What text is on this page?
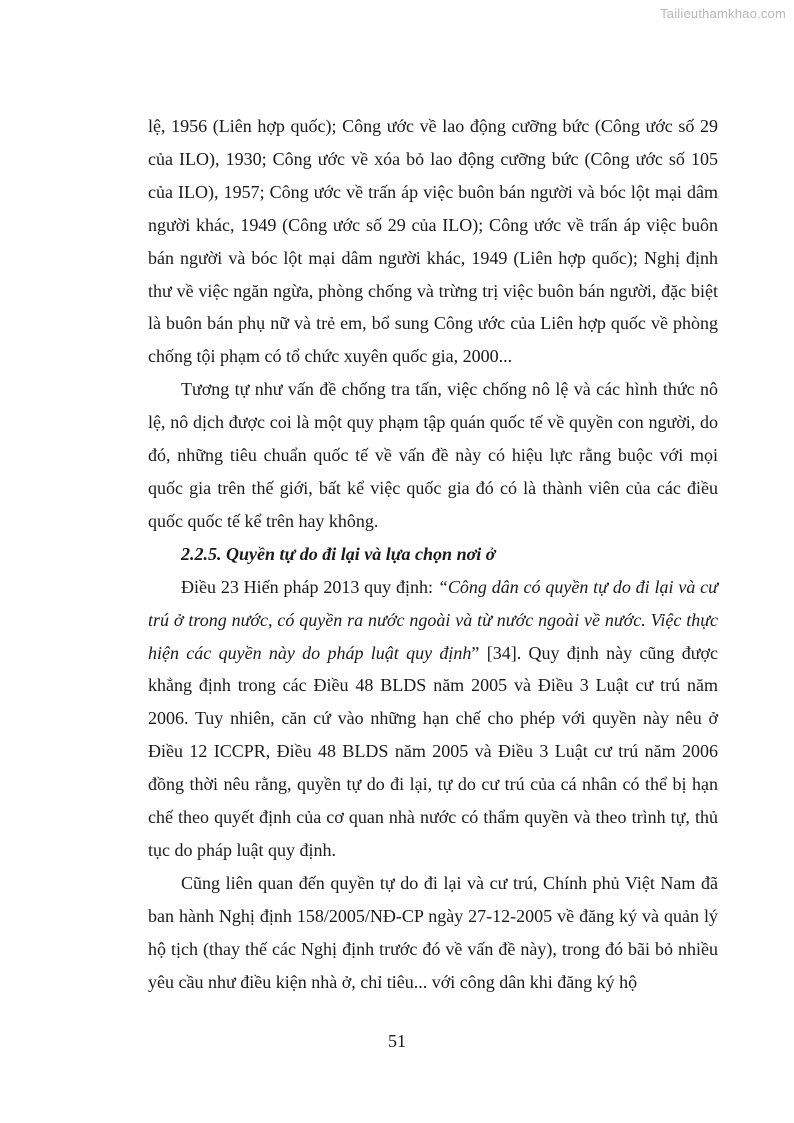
Tailieuthamkhao.com

lệ, 1956 (Liên hợp quốc); Công ước về lao động cưỡng bức (Công ước số 29 của ILO), 1930; Công ước về xóa bỏ lao động cưỡng bức (Công ước số 105 của ILO), 1957; Công ước về trấn áp việc buôn bán người và bóc lột mại dâm người khác, 1949 (Công ước số 29 của ILO); Công ước về trấn áp việc buôn bán người và bóc lột mại dâm người khác, 1949 (Liên hợp quốc); Nghị định thư về việc ngăn ngừa, phòng chống và trừng trị việc buôn bán người, đặc biệt là buôn bán phụ nữ và trẻ em, bổ sung Công ước của Liên hợp quốc về phòng chống tội phạm có tổ chức xuyên quốc gia, 2000...

Tương tự như vấn đề chống tra tấn, việc chống nô lệ và các hình thức nô lệ, nô dịch được coi là một quy phạm tập quán quốc tế về quyền con người, do đó, những tiêu chuẩn quốc tế về vấn đề này có hiệu lực rằng buộc với mọi quốc gia trên thế giới, bất kể việc quốc gia đó có là thành viên của các điều quốc quốc tế kể trên hay không.

2.2.5. Quyền tự do đi lại và lựa chọn nơi ở

Điều 23 Hiến pháp 2013 quy định: “Công dân có quyền tự do đi lại và cư trú ở trong nước, có quyền ra nước ngoài và từ nước ngoài về nước. Việc thực hiện các quyền này do pháp luật quy định” [34]. Quy định này cũng được khẳng định trong các Điều 48 BLDS năm 2005 và Điều 3 Luật cư trú năm 2006. Tuy nhiên, căn cứ vào những hạn chế cho phép với quyền này nêu ở Điều 12 ICCPR, Điều 48 BLDS năm 2005 và Điều 3 Luật cư trú năm 2006 đồng thời nêu rằng, quyền tự do đi lại, tự do cư trú của cá nhân có thể bị hạn chế theo quyết định của cơ quan nhà nước có thẩm quyền và theo trình tự, thủ tục do pháp luật quy định.

Cũng liên quan đến quyền tự do đi lại và cư trú, Chính phủ Việt Nam đã ban hành Nghị định 158/2005/NĐ-CP ngày 27-12-2005 về đăng ký và quản lý hộ tịch (thay thế các Nghị định trước đó về vấn đề này), trong đó bãi bỏ nhiều yêu cầu như điều kiện nhà ở, chỉ tiêu... với công dân khi đăng ký hộ

51
